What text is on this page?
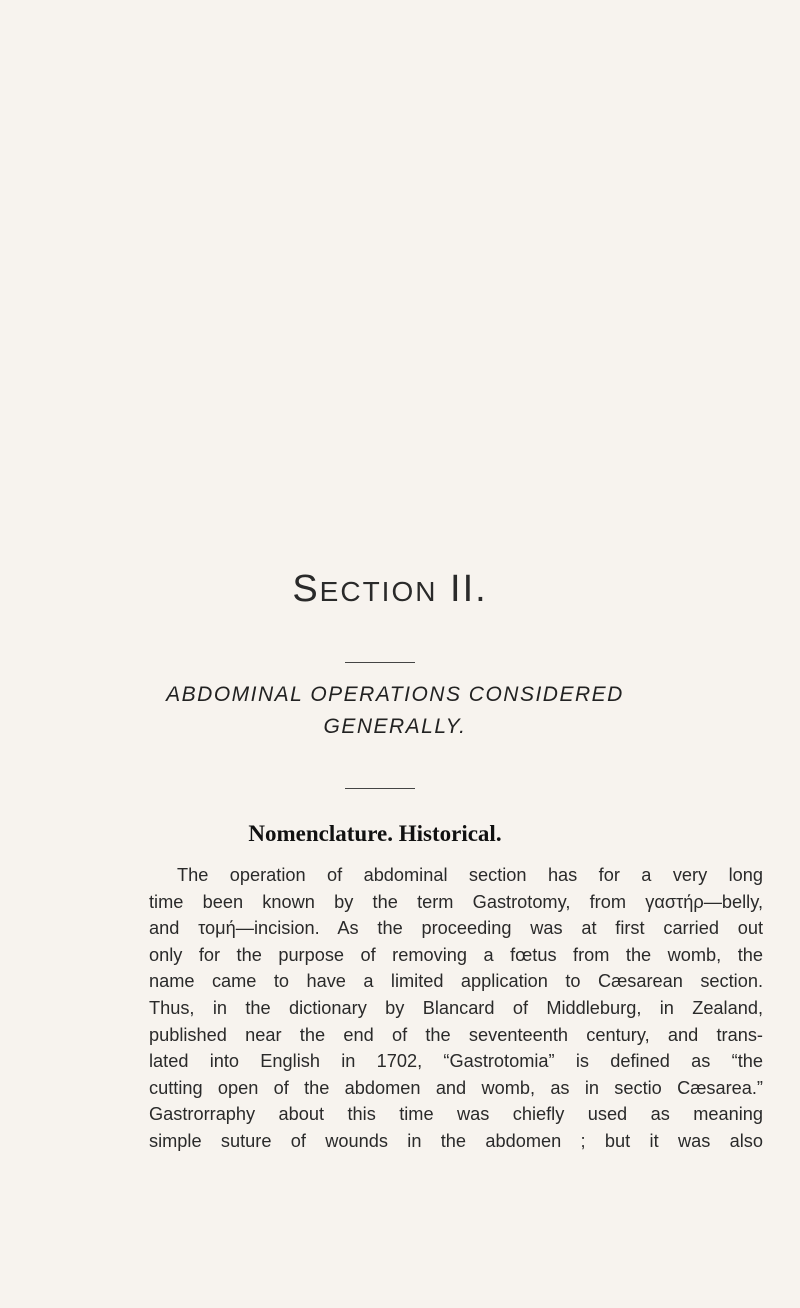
SECTION II.
ABDOMINAL OPERATIONS CONSIDERED
GENERALLY.
Nomenclature. Historical.
The operation of abdominal section has for a very long
time been known by the term Gastrotomy, from γαστήρ—belly,
and τομή—incision. As the proceeding was at first carried out
only for the purpose of removing a fœtus from the womb, the
name came to have a limited application to Cæsarean section.
Thus, in the dictionary by Blancard of Middleburg, in Zealand,
published near the end of the seventeenth century, and trans-
lated into English in 1702, “Gastrotomia” is defined as “the
cutting open of the abdomen and womb, as in sectio Cæsarea.”
Gastrorraphy about this time was chiefly used as meaning
simple suture of wounds in the abdomen ; but it was also
